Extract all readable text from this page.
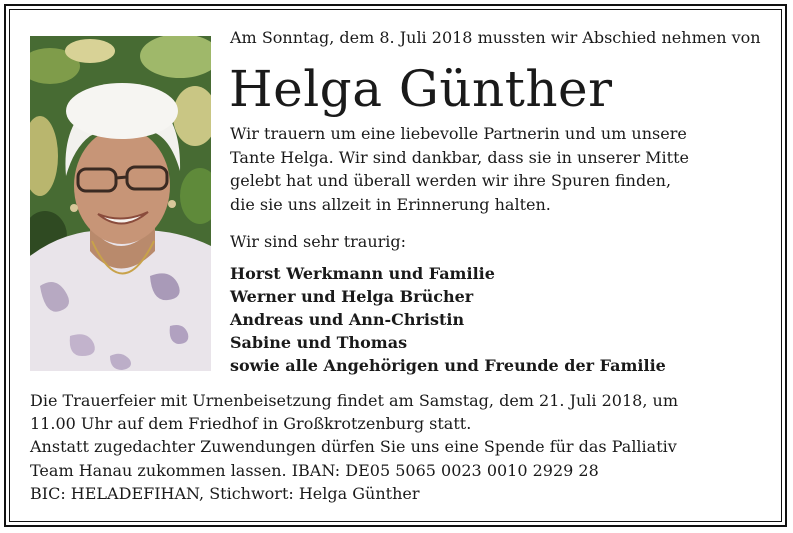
Am Sonntag, dem 8. Juli 2018 mussten wir Abschied nehmen von
Helga Günther
Wir trauern um eine liebevolle Partnerin und um unsere
Tante Helga. Wir sind dankbar, dass sie in unserer Mitte
gelebt hat und überall werden wir ihre Spuren finden,
die sie uns allzeit in Erinnerung halten.
Wir sind sehr traurig:
Horst Werkmann und Familie
Werner und Helga Brücher
Andreas und Ann-Christin
Sabine und Thomas
sowie alle Angehörigen und Freunde der Familie
Die Trauerfeier mit Urnenbeisetzung findet am Samstag, dem 21. Juli 2018, um
11.00 Uhr auf dem Friedhof in Großkrotzenburg statt.
Anstatt zugedachter Zuwendungen dürfen Sie uns eine Spende für das Palliativ
Team Hanau zukommen lassen. IBAN: DE05 5065 0023 0010 2929 28
BIC: HELADEFIHAN, Stichwort: Helga Günther
